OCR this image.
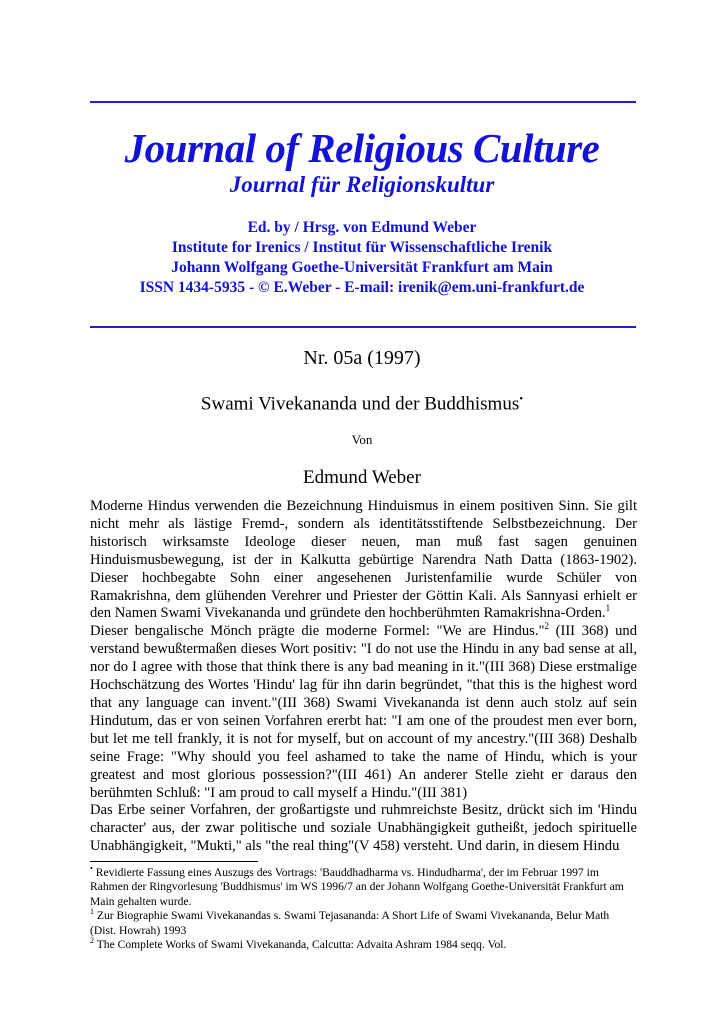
Journal of Religious Culture
Journal für Religionskultur
Ed. by / Hrsg. von Edmund Weber
Institute for Irenics / Institut für Wissenschaftliche Irenik
Johann Wolfgang Goethe-Universität Frankfurt am Main
ISSN 1434-5935 - © E.Weber - E-mail: irenik@em.uni-frankfurt.de
Nr. 05a (1997)
Swami Vivekananda und der Buddhismus•
Von
Edmund Weber

Moderne Hindus verwenden die Bezeichnung Hinduismus in einem positiven Sinn. Sie gilt nicht mehr als lästige Fremd-, sondern als identitätsstiftende Selbstbezeichnung. Der historisch wirksamste Ideologe dieser neuen, man muß fast sagen genuinen Hinduismusbewegung, ist der in Kalkutta gebürtige Narendra Nath Datta (1863-1902). Dieser hochbegabte Sohn einer angesehenen Juristenfamilie wurde Schüler von Ramakrishna, dem glühenden Verehrer und Priester der Göttin Kali. Als Sannyasi erhielt er den Namen Swami Vivekananda und gründete den hochberühmten Ramakrishna-Orden.$^1$

Dieser bengalische Mönch prägte die moderne Formel: "We are Hindus."$^2$ (III 368) und verstand bewußtermaßen dieses Wort positiv: "I do not use the Hindu in any bad sense at all, nor do I agree with those that think there is any bad meaning in it."(III 368) Diese erstmalige Hochschätzung des Wortes 'Hindu' lag für ihn darin begründet, "that this is the highest word that any language can invent."(III 368) Swami Vivekananda ist denn auch stolz auf sein Hindutum, das er von seinen Vorfahren ererbt hat: "I am one of the proudest men ever born, but let me tell frankly, it is not for myself, but on account of my ancestry."(III 368) Deshalb seine Frage: "Why should you feel ashamed to take the name of Hindu, which is your greatest and most glorious possession?"(III 461) An anderer Stelle zieht er daraus den berühmten Schluß: "I am proud to call myself a Hindu."(III 381)

Das Erbe seiner Vorfahren, der großartigste und ruhmreichste Besitz, drückt sich im 'Hindu character' aus, der zwar politische und soziale Unabhängigkeit gutheißt, jedoch spirituelle Unabhängigkeit, "Mukti," als "the real thing"(V 458) versteht. Und darin, in diesem Hindu

• Revidierte Fassung eines Auszugs des Vortrags: 'Bauddhadharma vs. Hindudharma', der im Februar 1997 im Rahmen der Ringvorlesung 'Buddhismus' im WS 1996/7 an der Johann Wolfgang Goethe-Universität Frankfurt am Main gehalten wurde.

$^1$ Zur Biographie Swami Vivekanandas s. Swami Tejasananda: A Short Life of Swami Vivekananda, Belur Math (Dist. Howrah) 1993

$^2$ The Complete Works of Swami Vivekananda, Calcutta: Advaita Ashram 1984 seqq. Vol.
